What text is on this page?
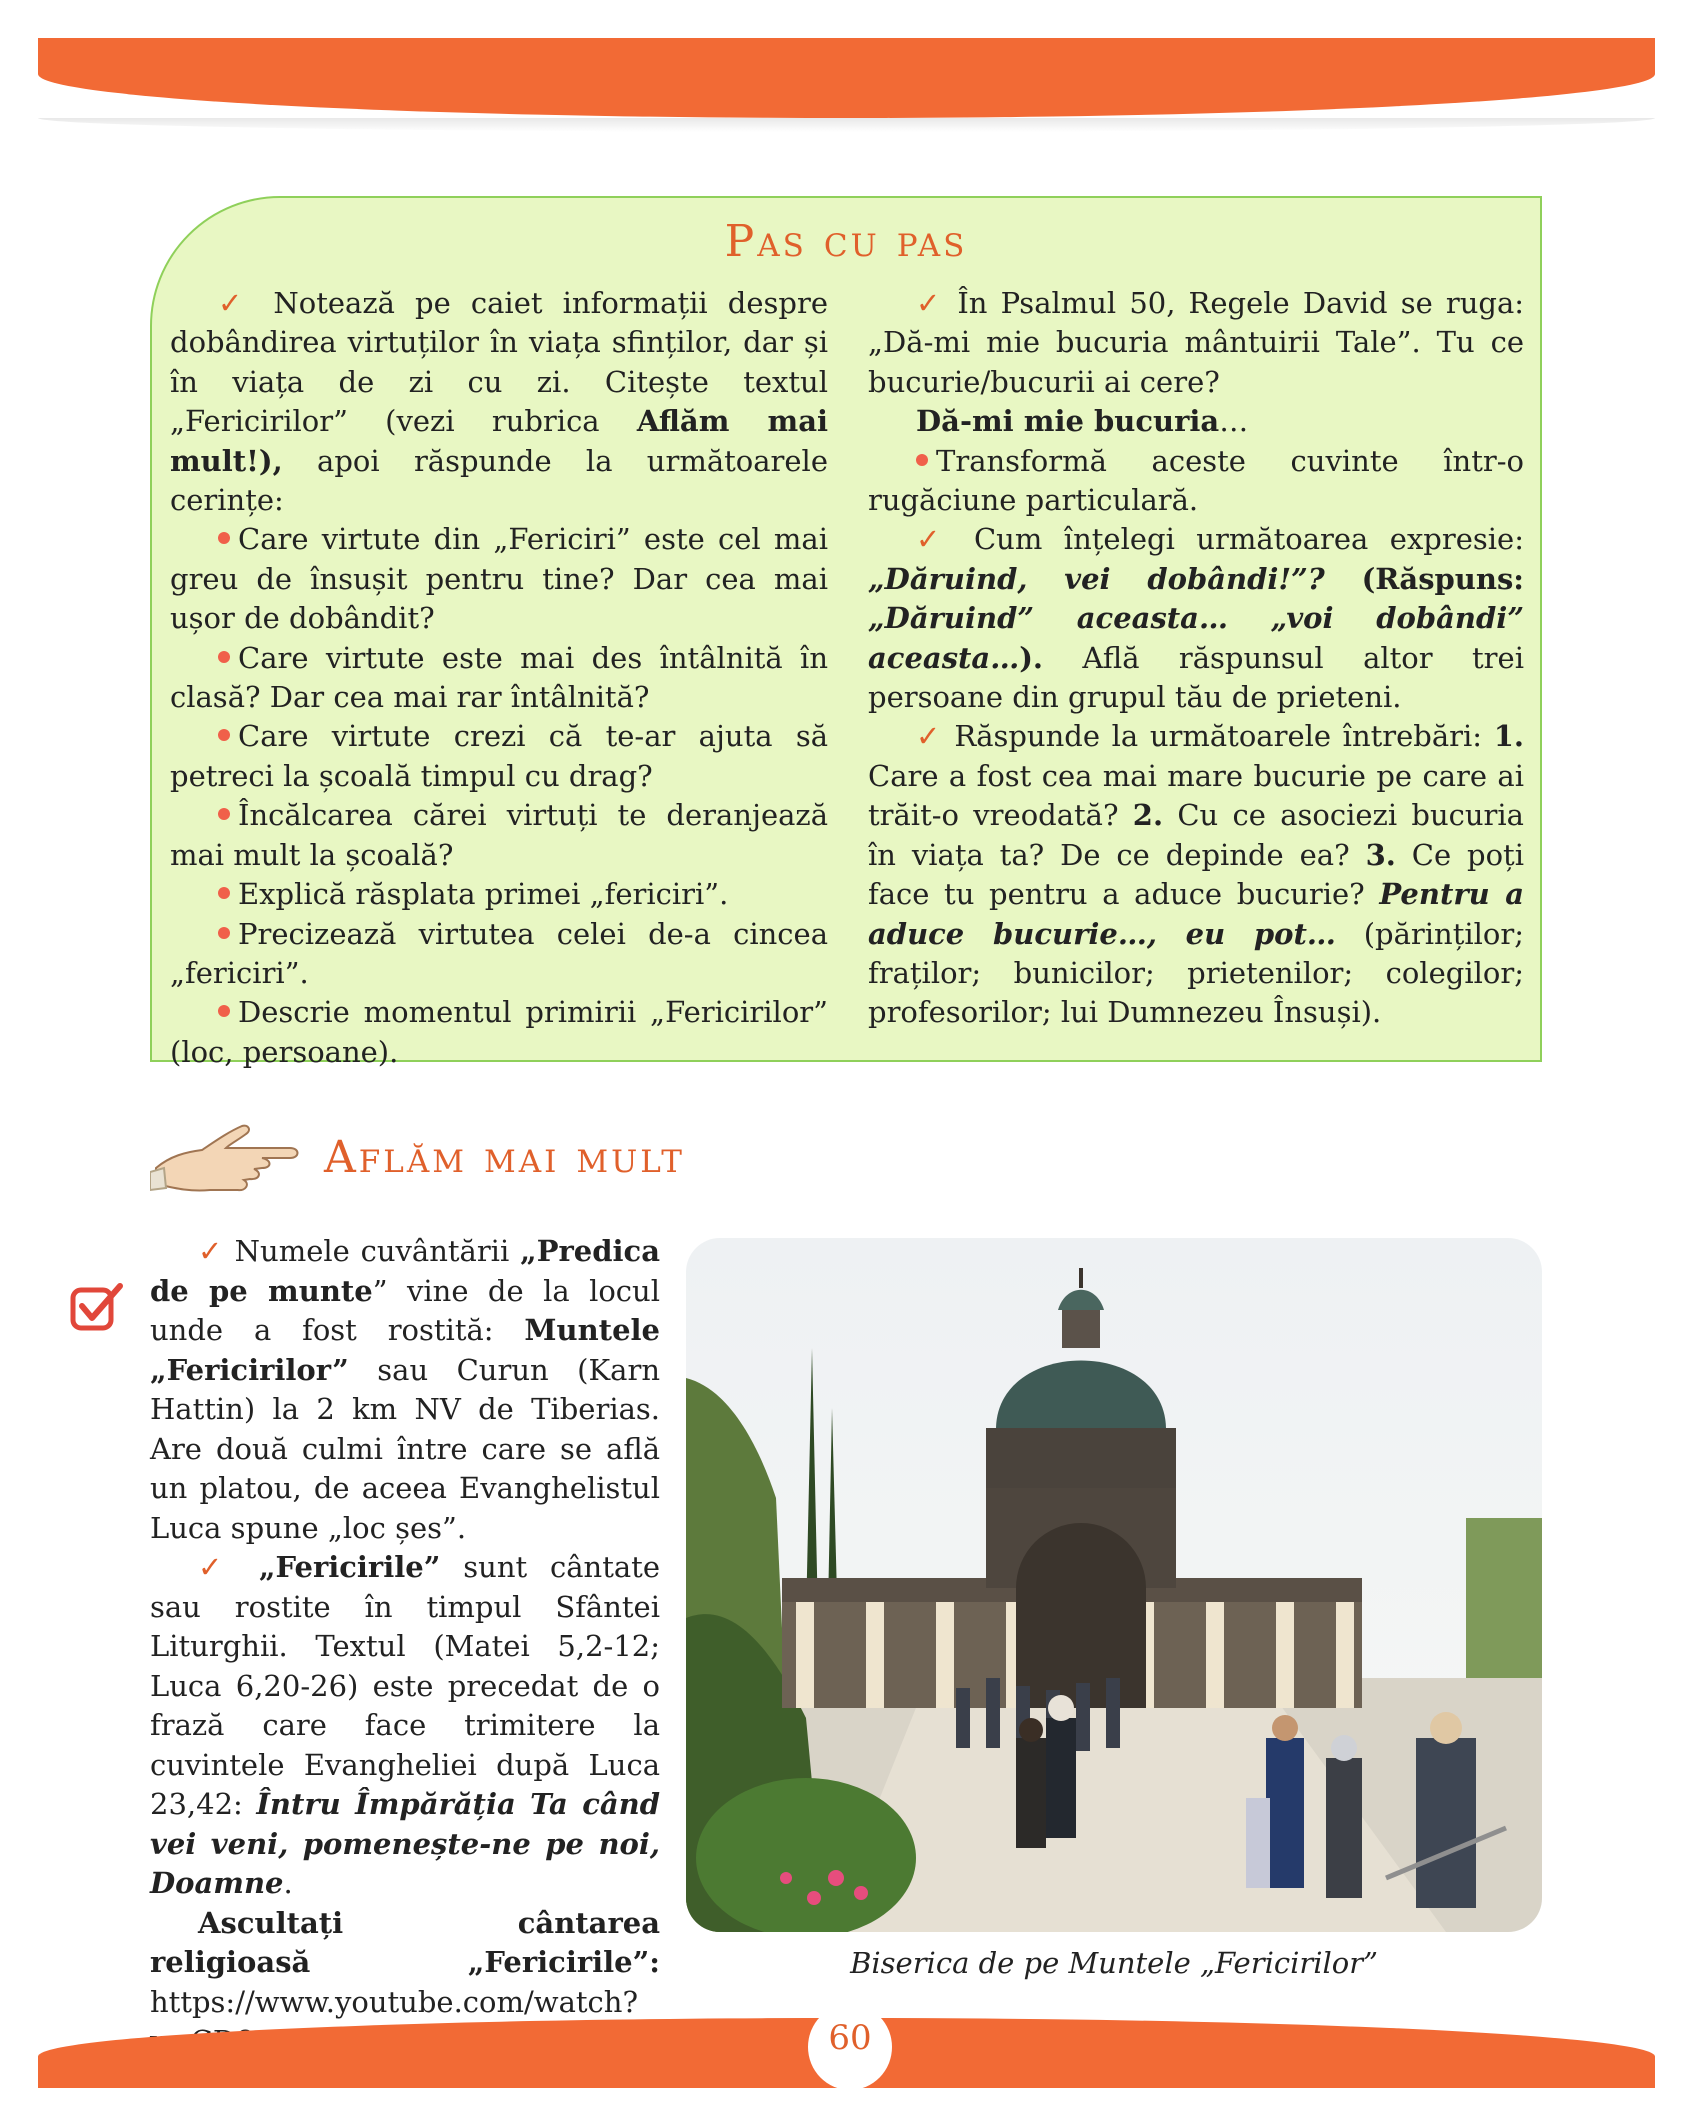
Pas cu pas

✓ Notează pe caiet informații despre dobândirea virtuților în viața sfinților, dar și în viața de zi cu zi. Citește textul „Fericirilor” (vezi rubrica Aflăm mai mult!), apoi răspunde la următoarele cerințe:

Care virtute din „Fericiri” este cel mai greu de însușit pentru tine? Dar cea mai ușor de dobândit?

Care virtute este mai des întâlnită în clasă? Dar cea mai rar întâlnită?

Care virtute crezi că te-ar ajuta să petreci la școală timpul cu drag?

Încălcarea cărei virtuți te deranjează mai mult la școală?

Explică răsplata primei „fericiri”.

Precizează virtutea celei de-a cincea „fericiri”.

Descrie momentul primirii „Fericirilor” (loc, persoane).

✓ În Psalmul 50, Regele David se ruga: „Dă-mi mie bucuria mântuirii Tale”. Tu ce bucurie/bucurii ai cere?

Dă-mi mie bucuria…

Transformă aceste cuvinte într-o rugăciune particulară.

✓ Cum înțelegi următoarea expresie: „Dăruind, vei dobândi!”? (Răspuns: „Dăruind” aceasta… „voi dobândi” aceasta…). Află răspunsul altor trei persoane din grupul tău de prieteni.

✓ Răspunde la următoarele întrebări: 1. Care a fost cea mai mare bucurie pe care ai trăit-o vreodată? 2. Cu ce asociezi bucuria în viața ta? De ce depinde ea? 3. Ce poți face tu pentru a aduce bucurie? Pentru a aduce bucurie…, eu pot… (părinților; fraților; bunicilor; prietenilor; colegilor; profesorilor; lui Dumnezeu Însuși).

Aflăm mai mult

✓ Numele cuvântării „Predica de pe munte” vine de la locul unde a fost rostită: Muntele „Fericirilor” sau Curun (Karn Hattin) la 2 km NV de Tiberias. Are două culmi între care se află un platou, de aceea Evanghelistul Luca spune „loc șes”.

✓ „Fericirile” sunt cântate sau rostite în timpul Sfântei Liturghii. Textul (Matei 5,2-12; Luca 6,20-26) este precedat de o frază care face trimitere la cuvintele Evangheliei după Luca 23,42: Întru Împărăția Ta când vei veni, pomenește-ne pe noi, Doamne.

Ascultați cântarea religioasă „Fericirile”: https://www.youtube.com/watch?

Biserica de pe Muntele „Fericirilor”
60
